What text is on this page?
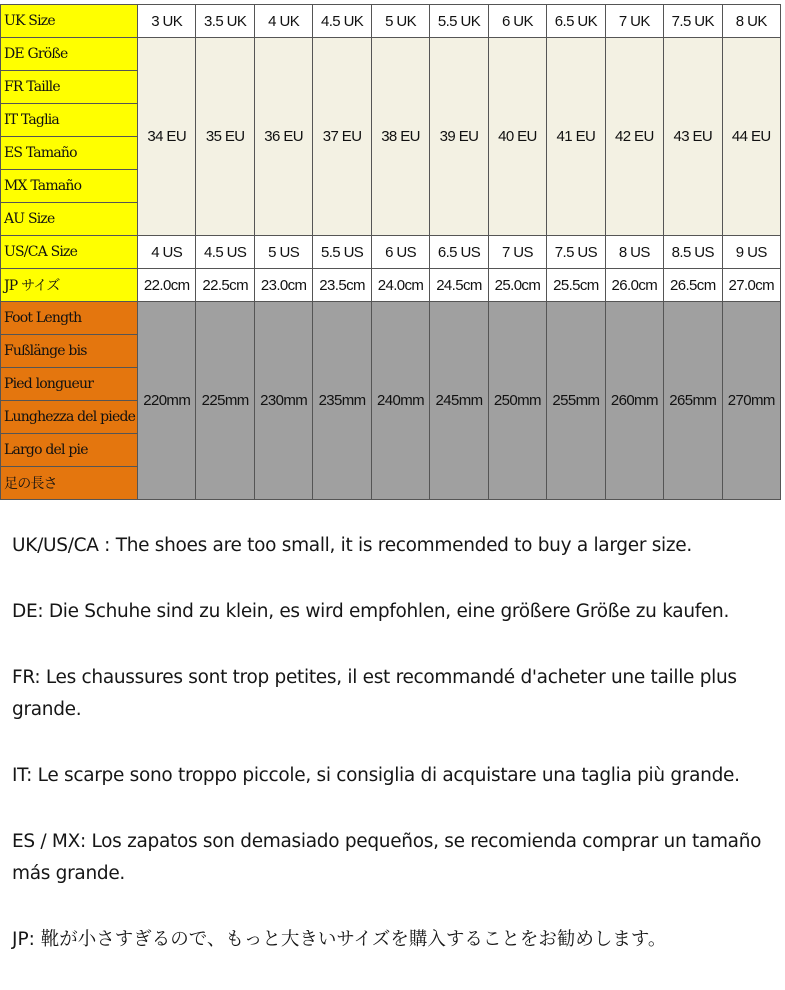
UK Size	3 UK	3.5 UK	4 UK	4.5 UK	5 UK	5.5 UK	6 UK	6.5 UK	7 UK	7.5 UK	8 UK
DE Größe	34 EU	35 EU	36 EU	37 EU	38 EU	39 EU	40 EU	41 EU	42 EU	43 EU	44 EU
FR Taille											
IT Taglia											
ES Tamaño											
MX Tamaño											
AU Size											
US/CA Size	4 US	4.5 US	5 US	5.5 US	6 US	6.5 US	7 US	7.5 US	8 US	8.5 US	9 US
JP サイズ	22.0cm	22.5cm	23.0cm	23.5cm	24.0cm	24.5cm	25.0cm	25.5cm	26.0cm	26.5cm	27.0cm
Foot Length	220mm	225mm	230mm	235mm	240mm	245mm	250mm	255mm	260mm	265mm	270mm
Fußlänge bis											
Pied longueur											
Lunghezza del piede											
Largo del pie											
足の長さ											

UK/US/CA : The shoes are too small, it is recommended to buy a larger size.

DE: Die Schuhe sind zu klein, es wird empfohlen, eine größere Größe zu kaufen.

FR: Les chaussures sont trop petites, il est recommandé d'acheter une taille plus
grande.

IT: Le scarpe sono troppo piccole, si consiglia di acquistare una taglia più grande.

ES / MX: Los zapatos son demasiado pequeños, se recomienda comprar un tamaño
más grande.

JP: 靴が小さすぎるので、もっと大きいサイズを購入することをお勧めします。
